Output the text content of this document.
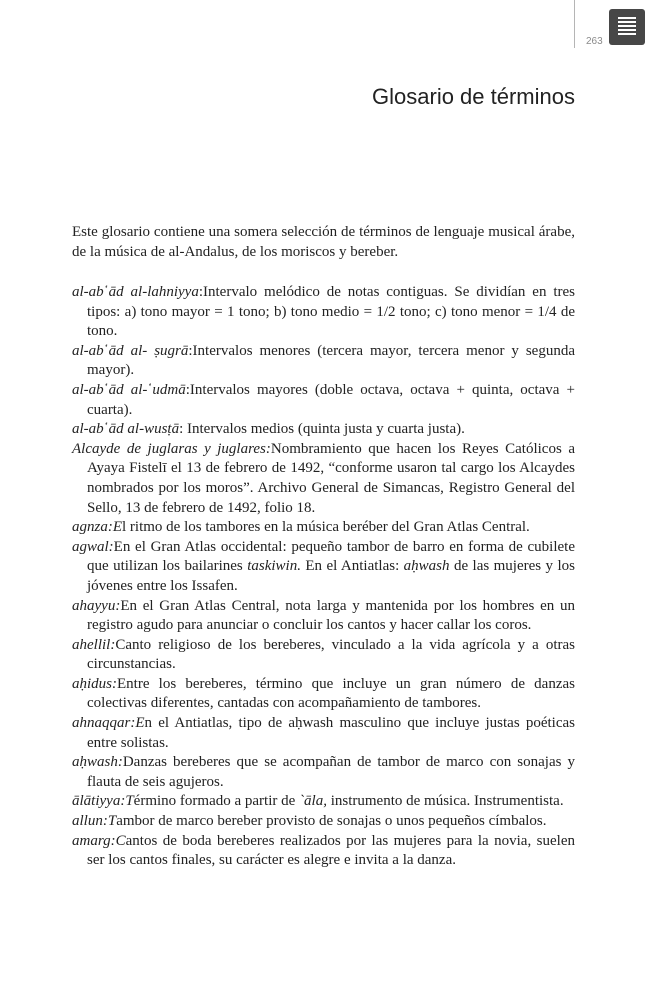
263
Glosario de términos

Este glosario contiene una somera selección de términos de lenguaje musical árabe, de la música de al-Andalus, de los moriscos y bereber.

al-ab῾ād al-lahniyya:Intervalo melódico de notas contiguas. Se dividían en tres tipos: a) tono mayor = 1 tono; b) tono medio = 1/2 tono; c) tono menor = 1/4 de tono.
al-ab῾ād al- ṣugrā:Intervalos menores (tercera mayor, tercera menor y segunda mayor).
al-ab῾ād al-῾udmā:Intervalos mayores (doble octava, octava + quinta, octava + cuarta).
al-ab῾ād al-wusṭā: Intervalos medios (quinta justa y cuarta justa).
Alcayde de juglaras y juglares:Nombramiento que hacen los Reyes Católicos a Ayaya Fistelī el 13 de febrero de 1492, “conforme usaron tal cargo los Alcaydes nombrados por los moros”. Archivo General de Simancas, Registro General del Sello, 13 de febrero de 1492, folio 18.
agnza:El ritmo de los tambores en la música beréber del Gran Atlas Central.
agwal:En el Gran Atlas occidental: pequeño tambor de barro en forma de cubilete que utilizan los bailarines taskiwin. En el Antiatlas: aḥwash de las mujeres y los jóvenes entre los Issafen.
ahayyu:En el Gran Atlas Central, nota larga y mantenida por los hombres en un registro agudo para anunciar o concluir los cantos y hacer callar los coros.
ahellil:Canto religioso de los bereberes, vinculado a la vida agrícola y a otras circunstancias.
aḥidus:Entre los bereberes, término que incluye un gran número de danzas colectivas diferentes, cantadas con acompañamiento de tambores.
ahnaqqar:En el Antiatlas, tipo de aḥwash masculino que incluye justas poéticas entre solistas.
aḥwash:Danzas bereberes que se acompañan de tambor de marco con sonajas y flauta de seis agujeros.
ālātiyya:Término formado a partir de `āla, instrumento de música. Instrumentista.
allun:Tambor de marco bereber provisto de sonajas o unos pequeños címbalos.
amarg:Cantos de boda bereberes realizados por las mujeres para la novia, suelen ser los cantos finales, su carácter es alegre e invita a la danza.
